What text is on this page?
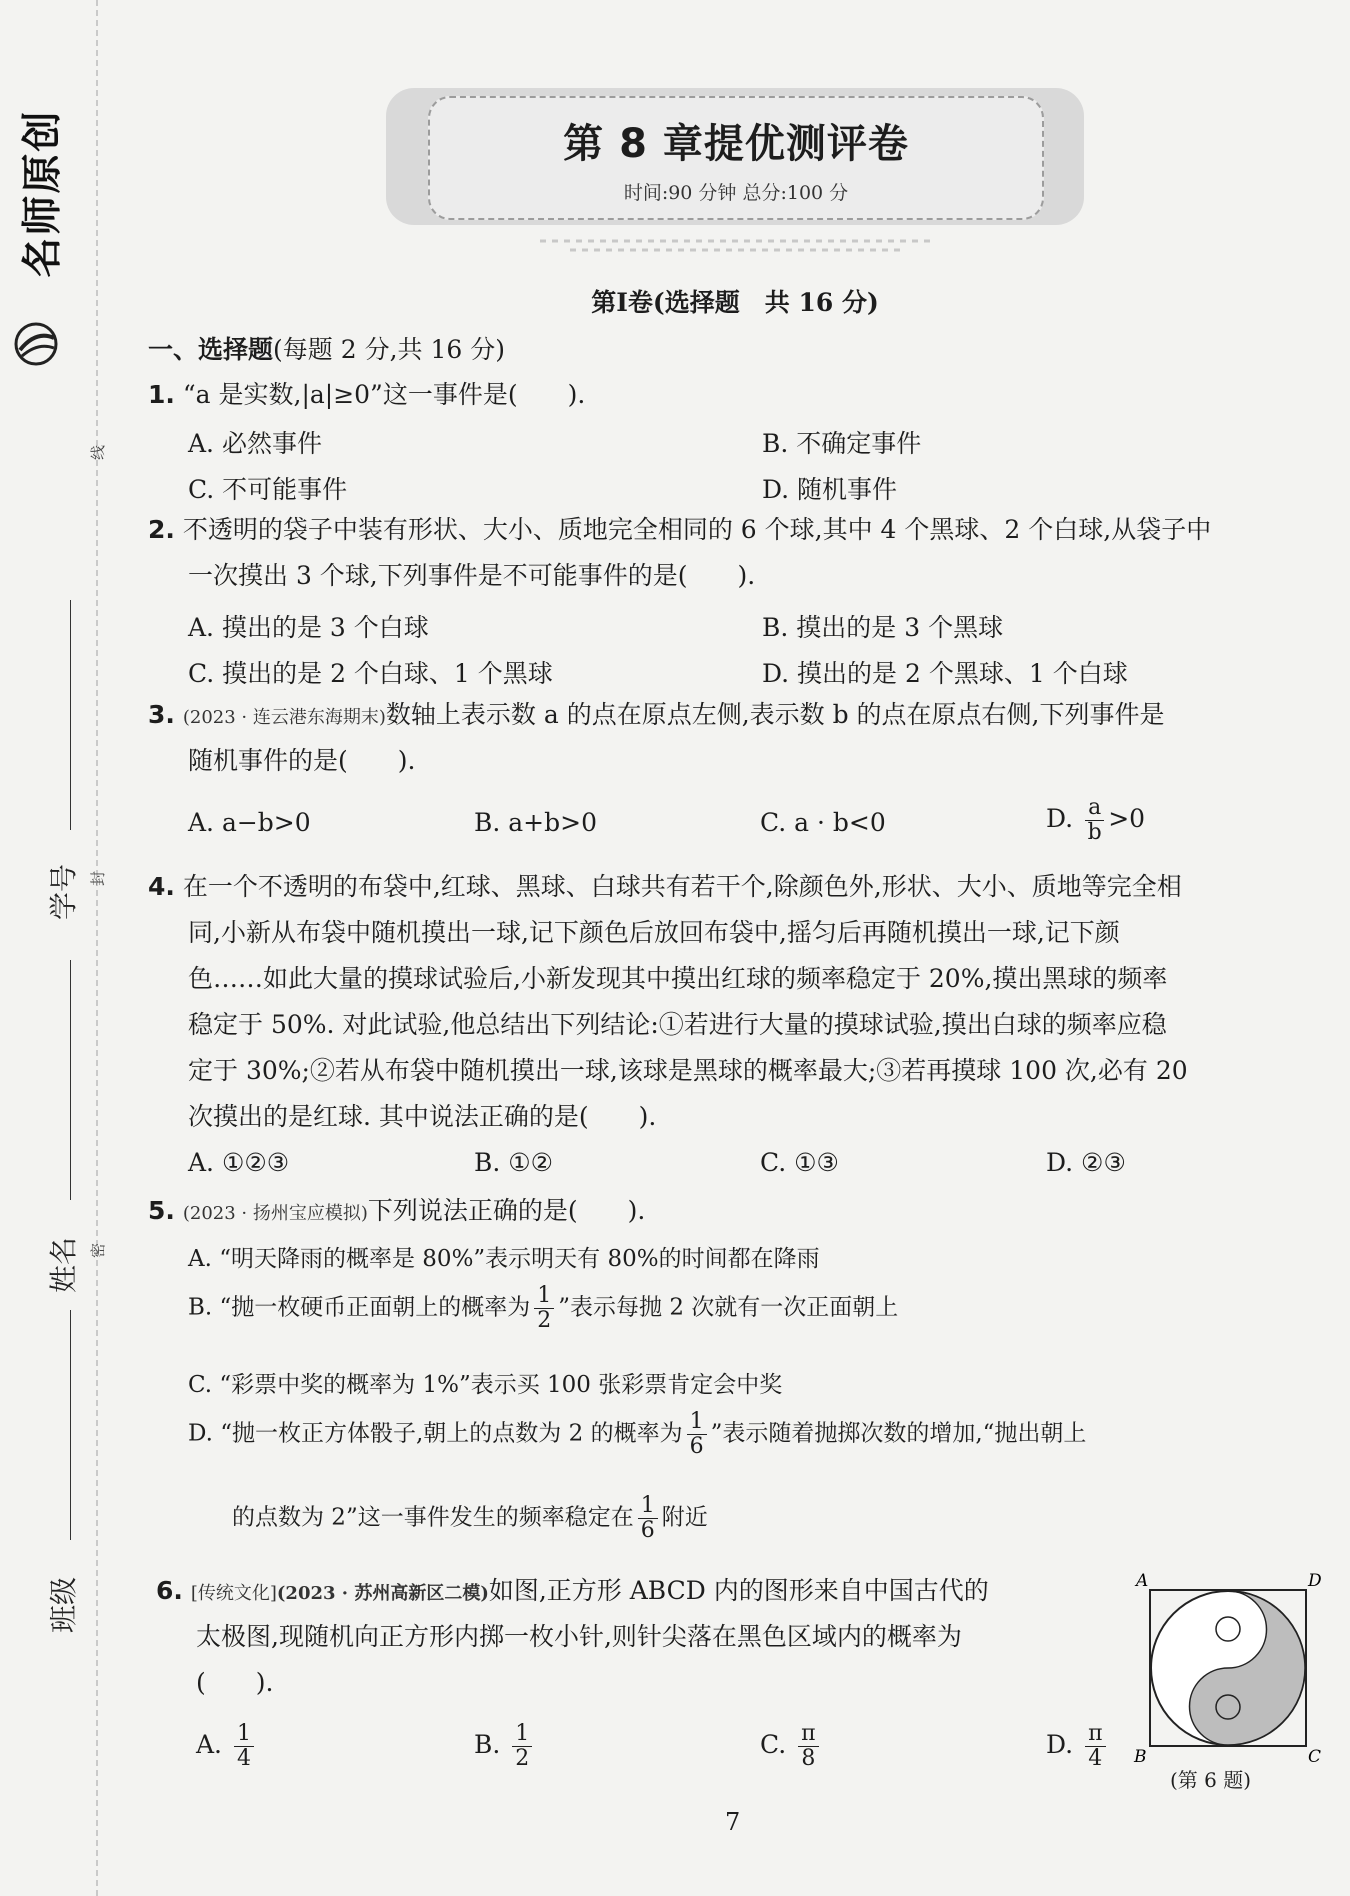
名师原创
线
封
密
学号
姓名
班级
第 8 章提优测评卷
时间:90 分钟 总分:100 分
第Ⅰ卷(选择题　共 16 分)
一、选择题(每题 2 分,共 16 分)
1. “a 是实数,|a|≥0”这一事件是(　　).
A. 必然事件	B. 不确定事件
C. 不可能事件	D. 随机事件
2. 不透明的袋子中装有形状、大小、质地完全相同的 6 个球,其中 4 个黑球、2 个白球,从袋子中
一次摸出 3 个球,下列事件是不可能事件的是(　　).
A. 摸出的是 3 个白球	B. 摸出的是 3 个黑球
C. 摸出的是 2 个白球、1 个黑球	D. 摸出的是 2 个黑球、1 个白球
3. (2023 · 连云港东海期末)数轴上表示数 a 的点在原点左侧,表示数 b 的点在原点右侧,下列事件是
随机事件的是(　　).
A. a−b>0	B. a+b>0	C. a · b<0	D. $\frac{a}{b} >0$
4. 在一个不透明的布袋中,红球、黑球、白球共有若干个,除颜色外,形状、大小、质地等完全相
同,小新从布袋中随机摸出一球,记下颜色后放回布袋中,摇匀后再随机摸出一球,记下颜
色……如此大量的摸球试验后,小新发现其中摸出红球的频率稳定于 20%,摸出黑球的频率
稳定于 50%. 对此试验,他总结出下列结论:①若进行大量的摸球试验,摸出白球的频率应稳
定于 30%;②若从布袋中随机摸出一球,该球是黑球的概率最大;③若再摸球 100 次,必有 20
次摸出的是红球. 其中说法正确的是(　　).
A. ①②③	B. ①②	C. ①③	D. ②③
5. (2023 · 扬州宝应模拟)下列说法正确的是(　　).
A. “明天降雨的概率是 80%”表示明天有 80%的时间都在降雨
B. “抛一枚硬币正面朝上的概率为 $\frac{1}{2}$ ”表示每抛 2 次就有一次正面朝上
C. “彩票中奖的概率为 1%”表示买 100 张彩票肯定会中奖
D. “抛一枚正方体骰子,朝上的点数为 2 的概率为 $\frac{1}{6}$ ”表示随着抛掷次数的增加,“抛出朝上
的点数为 2”这一事件发生的频率稳定在 $\frac{1}{6}$ 附近
6. [传统文化](2023 · 苏州高新区二模)如图,正方形 ABCD 内的图形来自中国古代的
太极图,现随机向正方形内掷一枚小针,则针尖落在黑色区域内的概率为
(　　).
A. $\frac{1}{4}$	B. $\frac{1}{2}$	C. $\frac{\pi}{8}$	D. $\frac{\pi}{4}$
A	D
B	C
(第 6 题)
7
